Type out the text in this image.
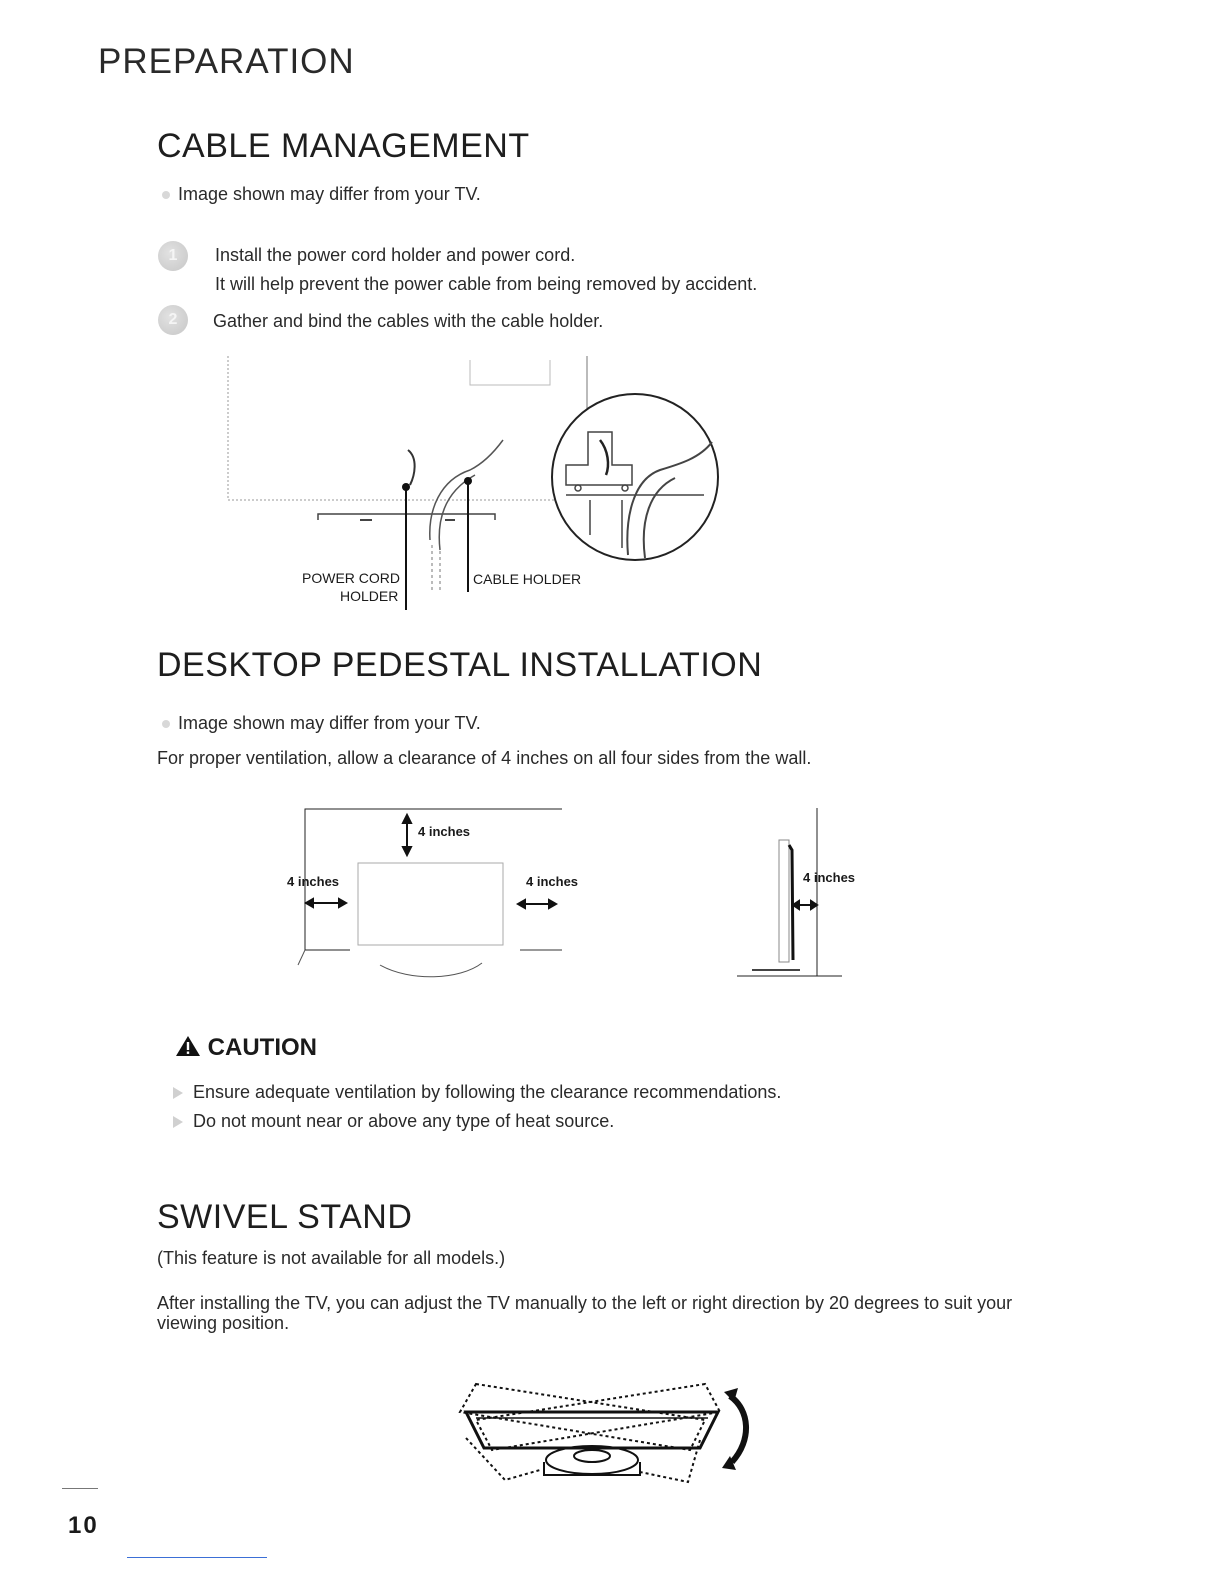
PREPARATION
CABLE MANAGEMENT
Image shown may differ from your TV.
1	Install the power cord holder and power cord.
It will help prevent the power cable from being removed by accident.
2	Gather and bind the cables with the cable holder.
POWER CORD
HOLDER
CABLE HOLDER
DESKTOP PEDESTAL INSTALLATION
Image shown may differ from your TV.
For proper ventilation, allow a clearance of 4 inches on all four sides from the wall.
4 inches
4 inches	4 inches	4 inches
CAUTION
Ensure adequate ventilation by following the clearance recommendations.
Do not mount near or above any type of heat source.
SWIVEL STAND
(This feature is not available for all models.)
After installing the TV, you can adjust the TV manually to the left or right direction by 20 degrees to suit your
viewing position.
10
